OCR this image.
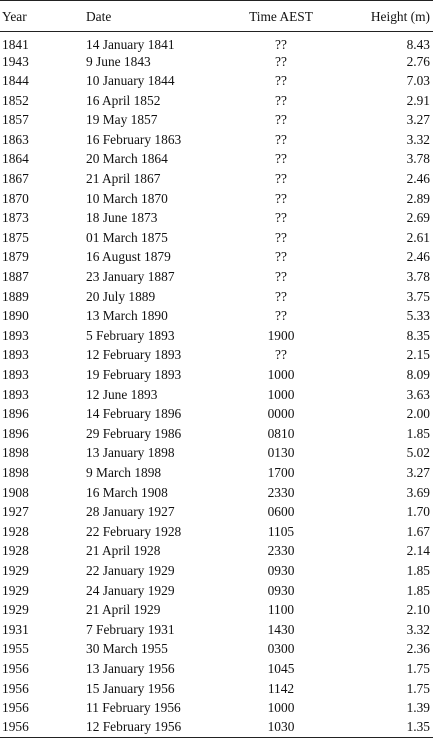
Year	Date	Time AEST	Height (m)
1841	14 January 1841	??	8.43
1943	9 June 1843	??	2.76
1844	10 January 1844	??	7.03
1852	16 April 1852	??	2.91
1857	19 May 1857	??	3.27
1863	16 February 1863	??	3.32
1864	20 March 1864	??	3.78
1867	21 April 1867	??	2.46
1870	10 March 1870	??	2.89
1873	18 June 1873	??	2.69
1875	01 March 1875	??	2.61
1879	16 August 1879	??	2.46
1887	23 January 1887	??	3.78
1889	20 July 1889	??	3.75
1890	13 March 1890	??	5.33
1893	5 February 1893	1900	8.35
1893	12 February 1893	??	2.15
1893	19 February 1893	1000	8.09
1893	12 June 1893	1000	3.63
1896	14 February 1896	0000	2.00
1896	29 February 1986	0810	1.85
1898	13 January 1898	0130	5.02
1898	9 March 1898	1700	3.27
1908	16 March 1908	2330	3.69
1927	28 January 1927	0600	1.70
1928	22 February 1928	1105	1.67
1928	21 April 1928	2330	2.14
1929	22 January 1929	0930	1.85
1929	24 January 1929	0930	1.85
1929	21 April 1929	1100	2.10
1931	7 February 1931	1430	3.32
1955	30 March 1955	0300	2.36
1956	13 January 1956	1045	1.75
1956	15 January 1956	1142	1.75
1956	11 February 1956	1000	1.39
1956	12 February 1956	1030	1.35
